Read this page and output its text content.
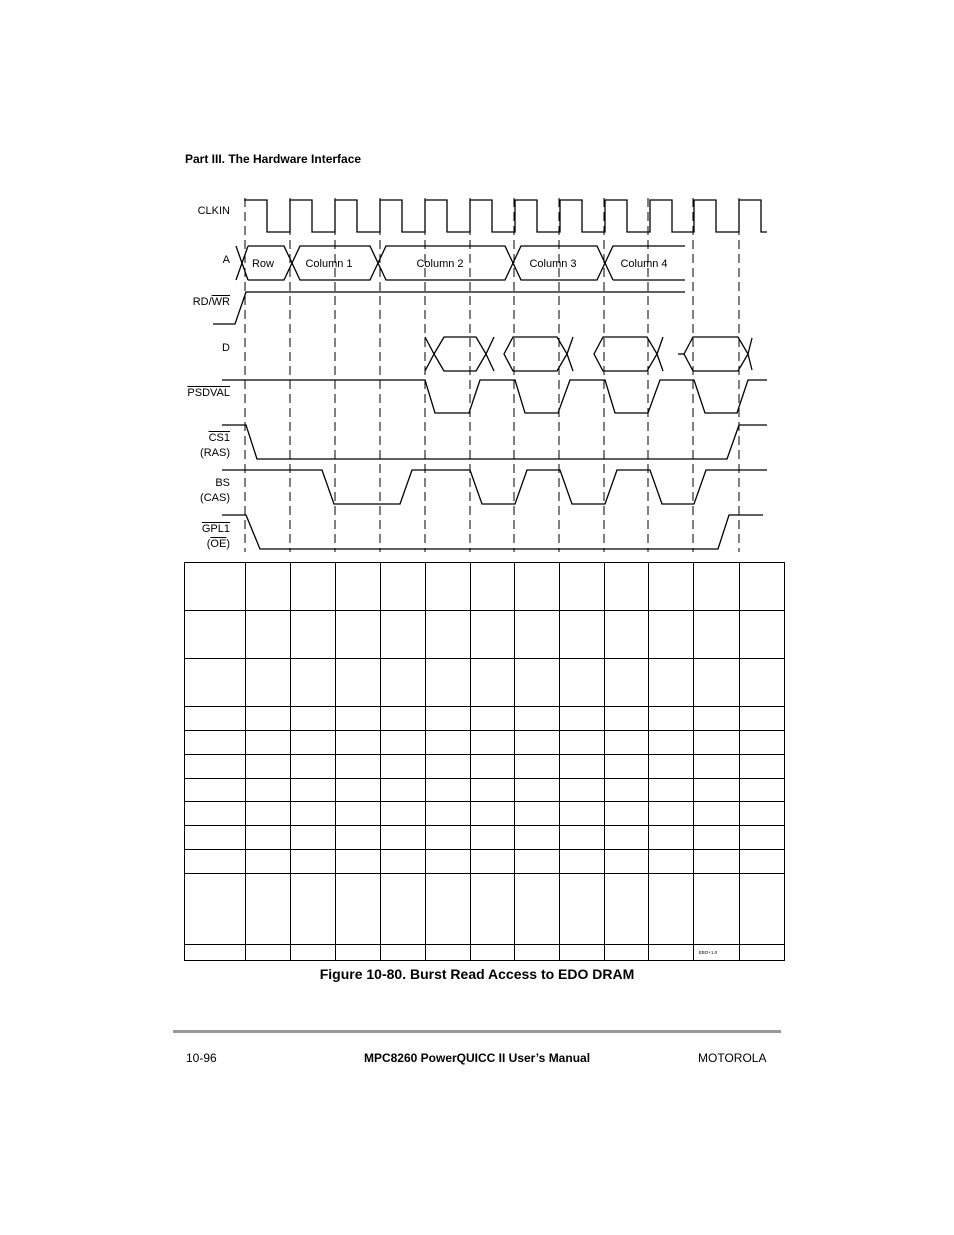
Part III. The Hardware Interface
CLKIN
A
$RD/\overline{WR}$
D
PSDVAL
CS1
(RAS)
BS
(CAS)
GPL1
$(\overline{OE})$
Row	Column 1	Column 2	Column 3	Column 4
EBO+1.0
Figure 10-80. Burst Read Access to EDO DRAM
10-96	MPC8260 PowerQUICC II User’s Manual	MOTOROLA
